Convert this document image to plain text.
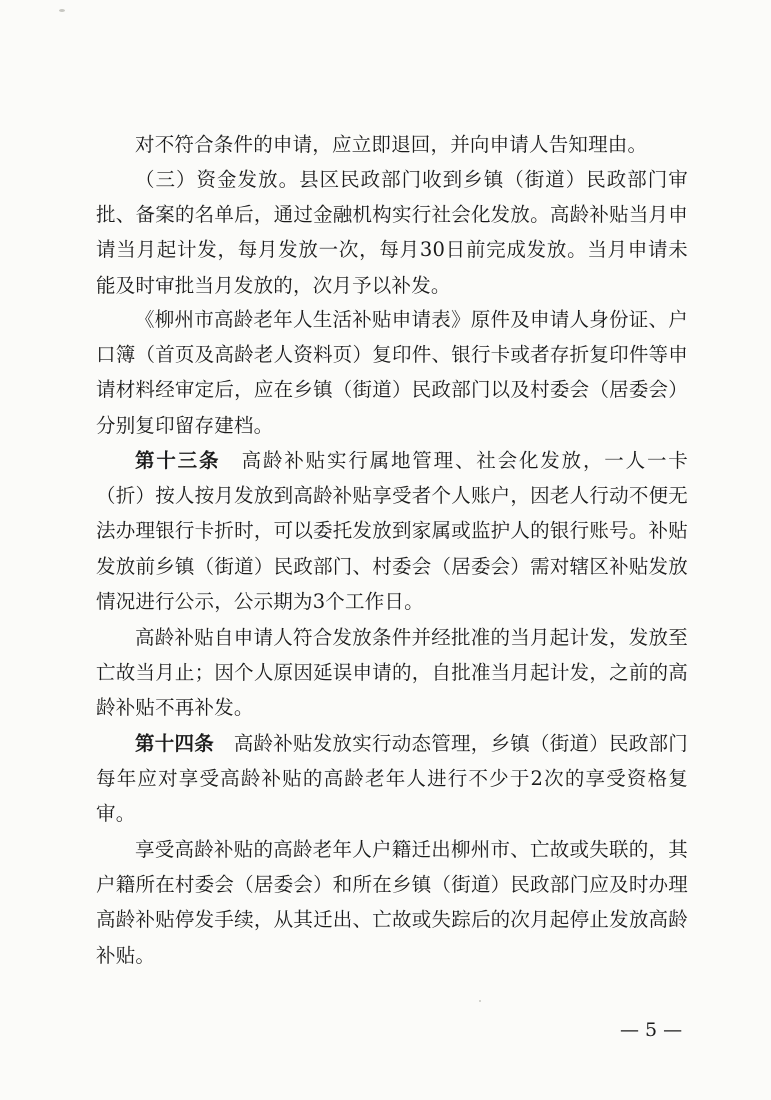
对不符合条件的申请，应立即退回，并向申请人告知理由。
（三）资金发放。县区民政部门收到乡镇（街道）民政部门审批、备案的名单后，通过金融机构实行社会化发放。高龄补贴当月申请当月起计发，每月发放一次，每月30日前完成发放。当月申请未能及时审批当月发放的，次月予以补发。
《柳州市高龄老年人生活补贴申请表》原件及申请人身份证、户口簿（首页及高龄老人资料页）复印件、银行卡或者存折复印件等申请材料经审定后，应在乡镇（街道）民政部门以及村委会（居委会）分别复印留存建档。
第十三条　高龄补贴实行属地管理、社会化发放，一人一卡（折）按人按月发放到高龄补贴享受者个人账户，因老人行动不便无法办理银行卡折时，可以委托发放到家属或监护人的银行账号。补贴发放前乡镇（街道）民政部门、村委会（居委会）需对辖区补贴发放情况进行公示，公示期为3个工作日。
高龄补贴自申请人符合发放条件并经批准的当月起计发，发放至亡故当月止；因个人原因延误申请的，自批准当月起计发，之前的高龄补贴不再补发。
第十四条　高龄补贴发放实行动态管理，乡镇（街道）民政部门每年应对享受高龄补贴的高龄老年人进行不少于2次的享受资格复审。
享受高龄补贴的高龄老年人户籍迁出柳州市、亡故或失联的，其户籍所在村委会（居委会）和所在乡镇（街道）民政部门应及时办理高龄补贴停发手续，从其迁出、亡故或失踪后的次月起停止发放高龄补贴。
— 5 —
